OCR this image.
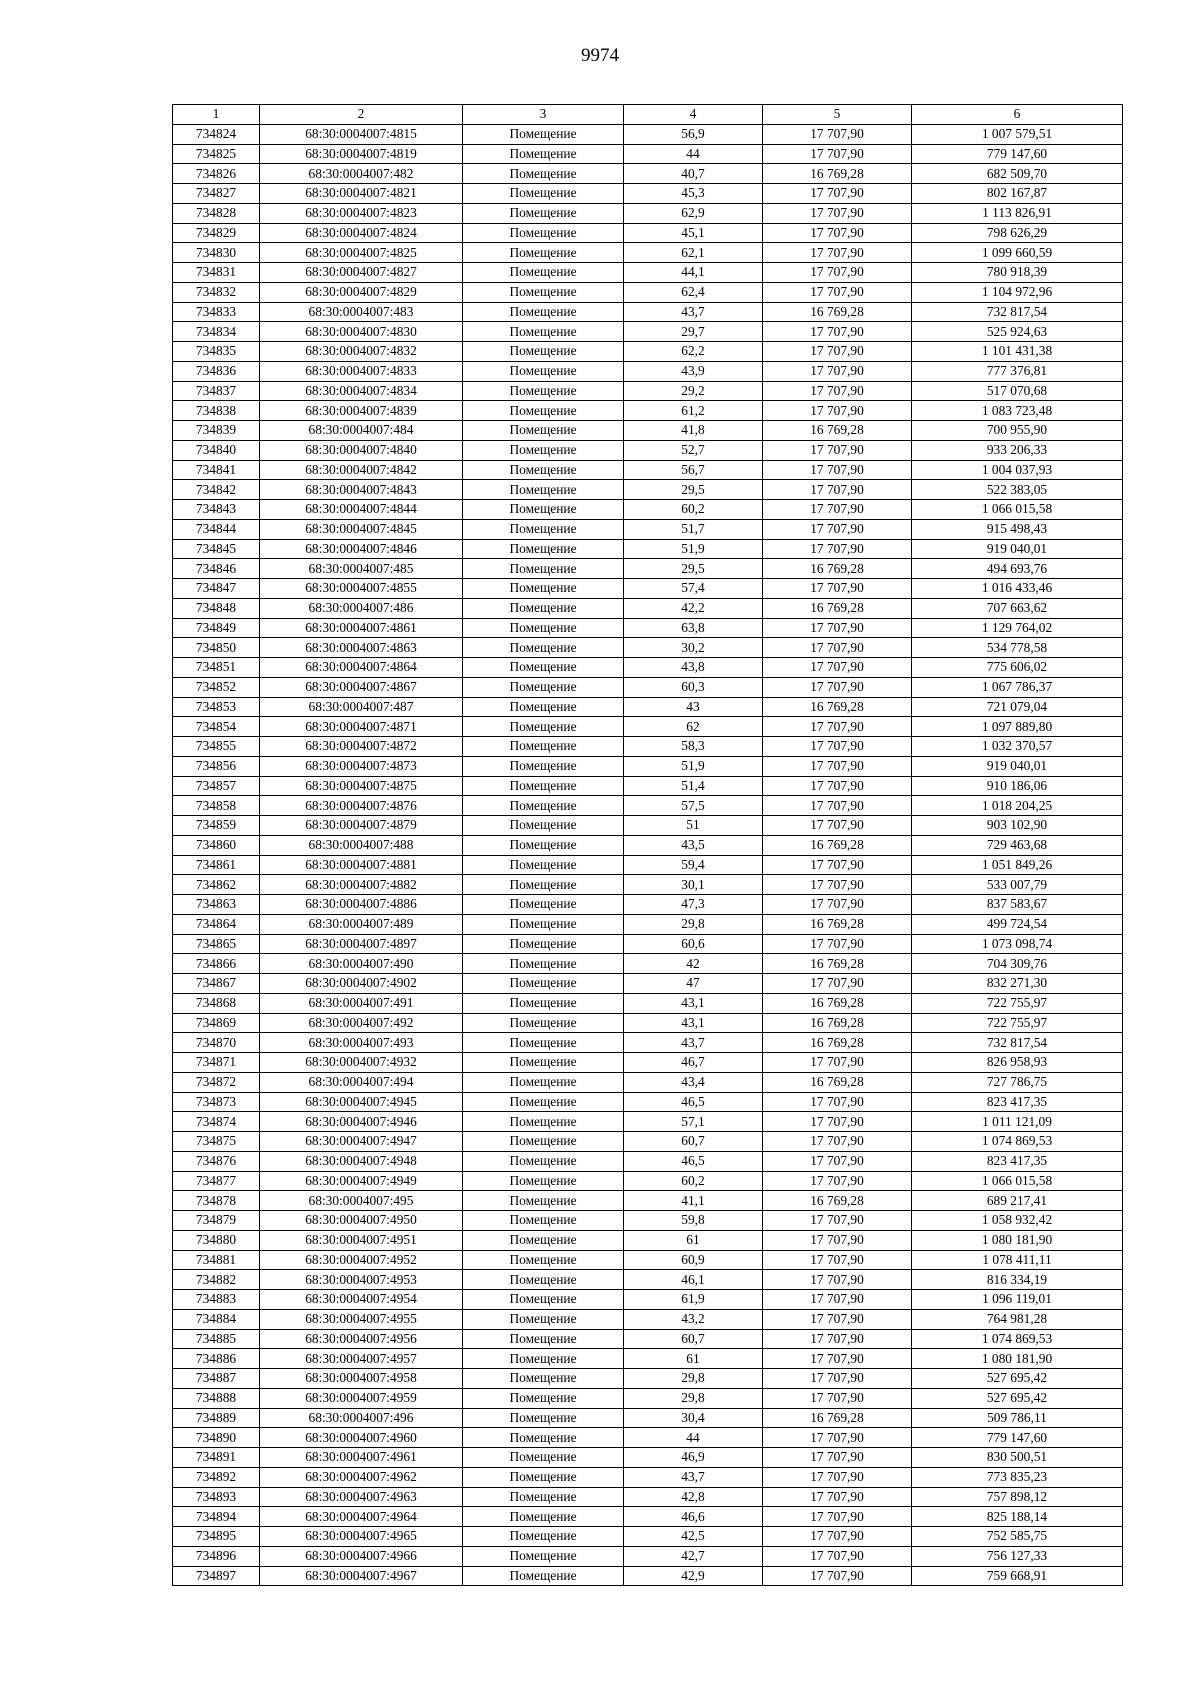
9974
1	2	3	4	5	6
734824	68:30:0004007:4815	Помещение	56,9	17 707,90	1 007 579,51
734825	68:30:0004007:4819	Помещение	44	17 707,90	779 147,60
734826	68:30:0004007:482	Помещение	40,7	16 769,28	682 509,70
734827	68:30:0004007:4821	Помещение	45,3	17 707,90	802 167,87
734828	68:30:0004007:4823	Помещение	62,9	17 707,90	1 113 826,91
734829	68:30:0004007:4824	Помещение	45,1	17 707,90	798 626,29
734830	68:30:0004007:4825	Помещение	62,1	17 707,90	1 099 660,59
734831	68:30:0004007:4827	Помещение	44,1	17 707,90	780 918,39
734832	68:30:0004007:4829	Помещение	62,4	17 707,90	1 104 972,96
734833	68:30:0004007:483	Помещение	43,7	16 769,28	732 817,54
734834	68:30:0004007:4830	Помещение	29,7	17 707,90	525 924,63
734835	68:30:0004007:4832	Помещение	62,2	17 707,90	1 101 431,38
734836	68:30:0004007:4833	Помещение	43,9	17 707,90	777 376,81
734837	68:30:0004007:4834	Помещение	29,2	17 707,90	517 070,68
734838	68:30:0004007:4839	Помещение	61,2	17 707,90	1 083 723,48
734839	68:30:0004007:484	Помещение	41,8	16 769,28	700 955,90
734840	68:30:0004007:4840	Помещение	52,7	17 707,90	933 206,33
734841	68:30:0004007:4842	Помещение	56,7	17 707,90	1 004 037,93
734842	68:30:0004007:4843	Помещение	29,5	17 707,90	522 383,05
734843	68:30:0004007:4844	Помещение	60,2	17 707,90	1 066 015,58
734844	68:30:0004007:4845	Помещение	51,7	17 707,90	915 498,43
734845	68:30:0004007:4846	Помещение	51,9	17 707,90	919 040,01
734846	68:30:0004007:485	Помещение	29,5	16 769,28	494 693,76
734847	68:30:0004007:4855	Помещение	57,4	17 707,90	1 016 433,46
734848	68:30:0004007:486	Помещение	42,2	16 769,28	707 663,62
734849	68:30:0004007:4861	Помещение	63,8	17 707,90	1 129 764,02
734850	68:30:0004007:4863	Помещение	30,2	17 707,90	534 778,58
734851	68:30:0004007:4864	Помещение	43,8	17 707,90	775 606,02
734852	68:30:0004007:4867	Помещение	60,3	17 707,90	1 067 786,37
734853	68:30:0004007:487	Помещение	43	16 769,28	721 079,04
734854	68:30:0004007:4871	Помещение	62	17 707,90	1 097 889,80
734855	68:30:0004007:4872	Помещение	58,3	17 707,90	1 032 370,57
734856	68:30:0004007:4873	Помещение	51,9	17 707,90	919 040,01
734857	68:30:0004007:4875	Помещение	51,4	17 707,90	910 186,06
734858	68:30:0004007:4876	Помещение	57,5	17 707,90	1 018 204,25
734859	68:30:0004007:4879	Помещение	51	17 707,90	903 102,90
734860	68:30:0004007:488	Помещение	43,5	16 769,28	729 463,68
734861	68:30:0004007:4881	Помещение	59,4	17 707,90	1 051 849,26
734862	68:30:0004007:4882	Помещение	30,1	17 707,90	533 007,79
734863	68:30:0004007:4886	Помещение	47,3	17 707,90	837 583,67
734864	68:30:0004007:489	Помещение	29,8	16 769,28	499 724,54
734865	68:30:0004007:4897	Помещение	60,6	17 707,90	1 073 098,74
734866	68:30:0004007:490	Помещение	42	16 769,28	704 309,76
734867	68:30:0004007:4902	Помещение	47	17 707,90	832 271,30
734868	68:30:0004007:491	Помещение	43,1	16 769,28	722 755,97
734869	68:30:0004007:492	Помещение	43,1	16 769,28	722 755,97
734870	68:30:0004007:493	Помещение	43,7	16 769,28	732 817,54
734871	68:30:0004007:4932	Помещение	46,7	17 707,90	826 958,93
734872	68:30:0004007:494	Помещение	43,4	16 769,28	727 786,75
734873	68:30:0004007:4945	Помещение	46,5	17 707,90	823 417,35
734874	68:30:0004007:4946	Помещение	57,1	17 707,90	1 011 121,09
734875	68:30:0004007:4947	Помещение	60,7	17 707,90	1 074 869,53
734876	68:30:0004007:4948	Помещение	46,5	17 707,90	823 417,35
734877	68:30:0004007:4949	Помещение	60,2	17 707,90	1 066 015,58
734878	68:30:0004007:495	Помещение	41,1	16 769,28	689 217,41
734879	68:30:0004007:4950	Помещение	59,8	17 707,90	1 058 932,42
734880	68:30:0004007:4951	Помещение	61	17 707,90	1 080 181,90
734881	68:30:0004007:4952	Помещение	60,9	17 707,90	1 078 411,11
734882	68:30:0004007:4953	Помещение	46,1	17 707,90	816 334,19
734883	68:30:0004007:4954	Помещение	61,9	17 707,90	1 096 119,01
734884	68:30:0004007:4955	Помещение	43,2	17 707,90	764 981,28
734885	68:30:0004007:4956	Помещение	60,7	17 707,90	1 074 869,53
734886	68:30:0004007:4957	Помещение	61	17 707,90	1 080 181,90
734887	68:30:0004007:4958	Помещение	29,8	17 707,90	527 695,42
734888	68:30:0004007:4959	Помещение	29,8	17 707,90	527 695,42
734889	68:30:0004007:496	Помещение	30,4	16 769,28	509 786,11
734890	68:30:0004007:4960	Помещение	44	17 707,90	779 147,60
734891	68:30:0004007:4961	Помещение	46,9	17 707,90	830 500,51
734892	68:30:0004007:4962	Помещение	43,7	17 707,90	773 835,23
734893	68:30:0004007:4963	Помещение	42,8	17 707,90	757 898,12
734894	68:30:0004007:4964	Помещение	46,6	17 707,90	825 188,14
734895	68:30:0004007:4965	Помещение	42,5	17 707,90	752 585,75
734896	68:30:0004007:4966	Помещение	42,7	17 707,90	756 127,33
734897	68:30:0004007:4967	Помещение	42,9	17 707,90	759 668,91
